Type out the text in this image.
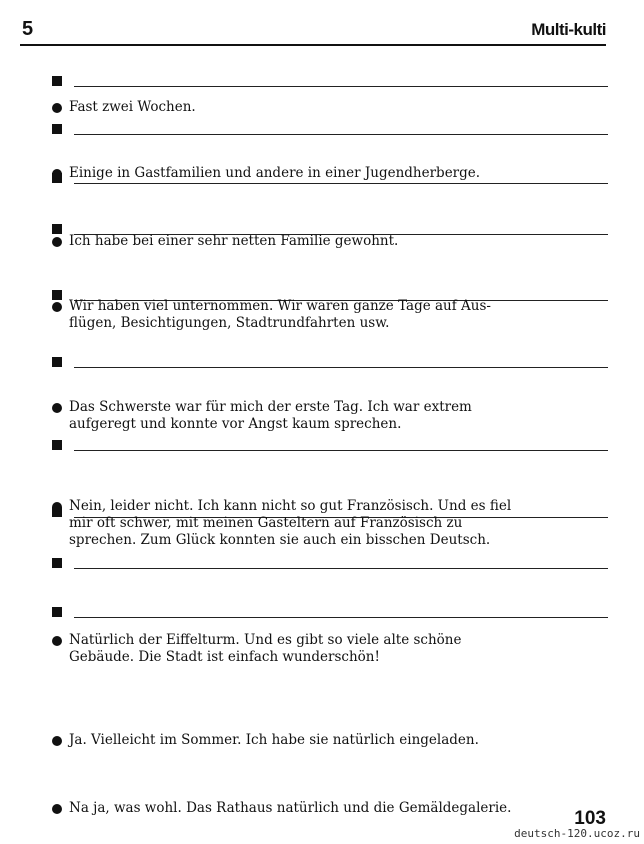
5	Multi-kulti
Fast zwei Wochen.
Einige in Gastfamilien und andere in einer Jugendherberge.
Ich habe bei einer sehr netten Familie gewohnt.
Wir haben viel unternommen. Wir waren ganze Tage auf Aus-
flügen, Besichtigungen, Stadtrundfahrten usw.
Das Schwerste war für mich der erste Tag. Ich war extrem
aufgeregt und konnte vor Angst kaum sprechen.
Nein, leider nicht. Ich kann nicht so gut Französisch. Und es fiel
mir oft schwer, mit meinen Gasteltern auf Französisch zu
sprechen. Zum Glück konnten sie auch ein bisschen Deutsch.
Natürlich der Eiffelturm. Und es gibt so viele alte schöne
Gebäude. Die Stadt ist einfach wunderschön!
Ja. Vielleicht im Sommer. Ich habe sie natürlich eingeladen.
Na ja, was wohl. Das Rathaus natürlich und die Gemäldegalerie.	103
deutsch-120.ucoz.ru
